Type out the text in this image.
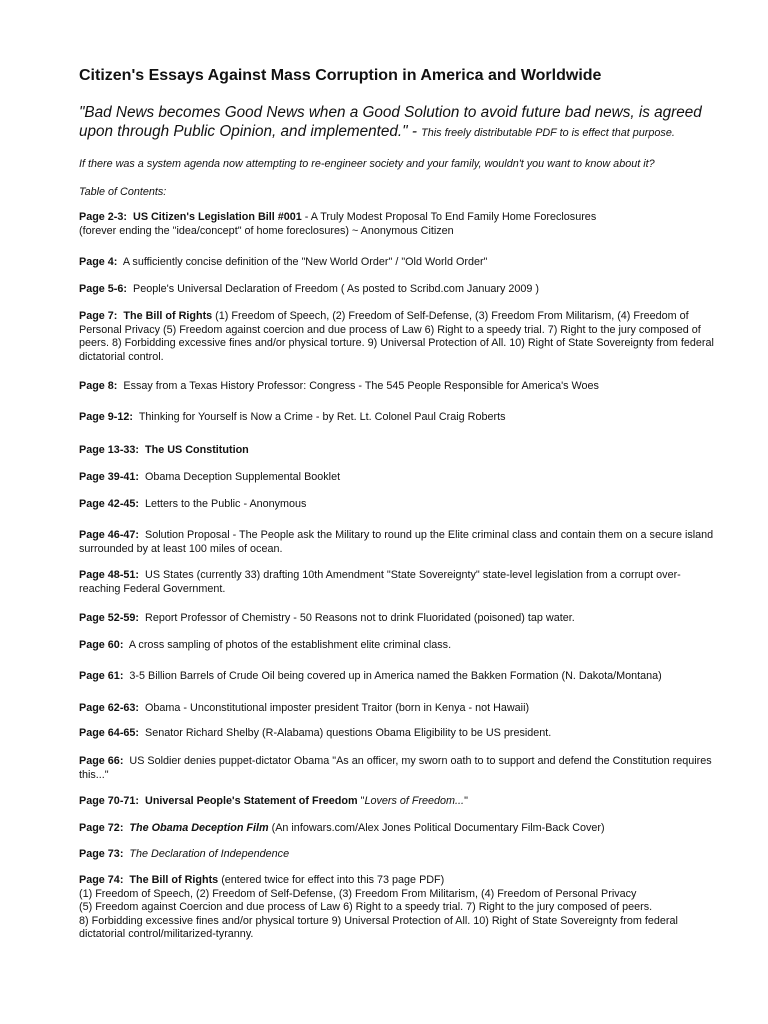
Citizen's Essays Against Mass Corruption in America and Worldwide
"Bad News becomes Good News when a Good Solution to avoid future bad news, is agreed upon through Public Opinion, and implemented." - This freely distributable PDF to is effect that purpose.
If there was a system agenda now attempting to re-engineer society and your family, wouldn't you want to know about it?
Table of Contents:
Page 2-3: US Citizen's Legislation Bill #001 - A Truly Modest Proposal To End Family Home Foreclosures
(forever ending the "idea/concept" of home foreclosures) ~ Anonymous Citizen
Page 4: A sufficiently concise definition of the "New World Order" / "Old World Order"
Page 5-6: People's Universal Declaration of Freedom ( As posted to Scribd.com January 2009 )
Page 7: The Bill of Rights (1) Freedom of Speech, (2) Freedom of Self-Defense, (3) Freedom From Militarism, (4) Freedom of Personal Privacy (5) Freedom against coercion and due process of Law 6) Right to a speedy trial. 7) Right to the jury composed of peers. 8) Forbidding excessive fines and/or physical torture. 9) Universal Protection of All. 10) Right of State Sovereignty from federal dictatorial control.
Page 8: Essay from a Texas History Professor: Congress - The 545 People Responsible for America's Woes
Page 9-12: Thinking for Yourself is Now a Crime - by Ret. Lt. Colonel Paul Craig Roberts
Page 13-33: The US Constitution
Page 39-41: Obama Deception Supplemental Booklet
Page 42-45: Letters to the Public - Anonymous
Page 46-47: Solution Proposal - The People ask the Military to round up the Elite criminal class and contain them on a secure island surrounded by at least 100 miles of ocean.
Page 48-51: US States (currently 33) drafting 10th Amendment "State Sovereignty" state-level legislation from a corrupt over-reaching Federal Government.
Page 52-59: Report Professor of Chemistry - 50 Reasons not to drink Fluoridated (poisoned) tap water.
Page 60: A cross sampling of photos of the establishment elite criminal class.
Page 61: 3-5 Billion Barrels of Crude Oil being covered up in America named the Bakken Formation (N. Dakota/Montana)
Page 62-63: Obama - Unconstitutional imposter president Traitor (born in Kenya - not Hawaii)
Page 64-65: Senator Richard Shelby (R-Alabama) questions Obama Eligibility to be US president.
Page 66: US Soldier denies puppet-dictator Obama "As an officer, my sworn oath to to support and defend the Constitution requires this..."
Page 70-71: Universal People's Statement of Freedom "Lovers of Freedom..."
Page 72: The Obama Deception Film (An infowars.com/Alex Jones Political Documentary Film-Back Cover)
Page 73: The Declaration of Independence
Page 74: The Bill of Rights (entered twice for effect into this 73 page PDF)
(1) Freedom of Speech, (2) Freedom of Self-Defense, (3) Freedom From Militarism, (4) Freedom of Personal Privacy
(5) Freedom against Coercion and due process of Law 6) Right to a speedy trial. 7) Right to the jury composed of peers.
8) Forbidding excessive fines and/or physical torture 9) Universal Protection of All. 10) Right of State Sovereignty from federal dictatorial control/militarized-tyranny.
